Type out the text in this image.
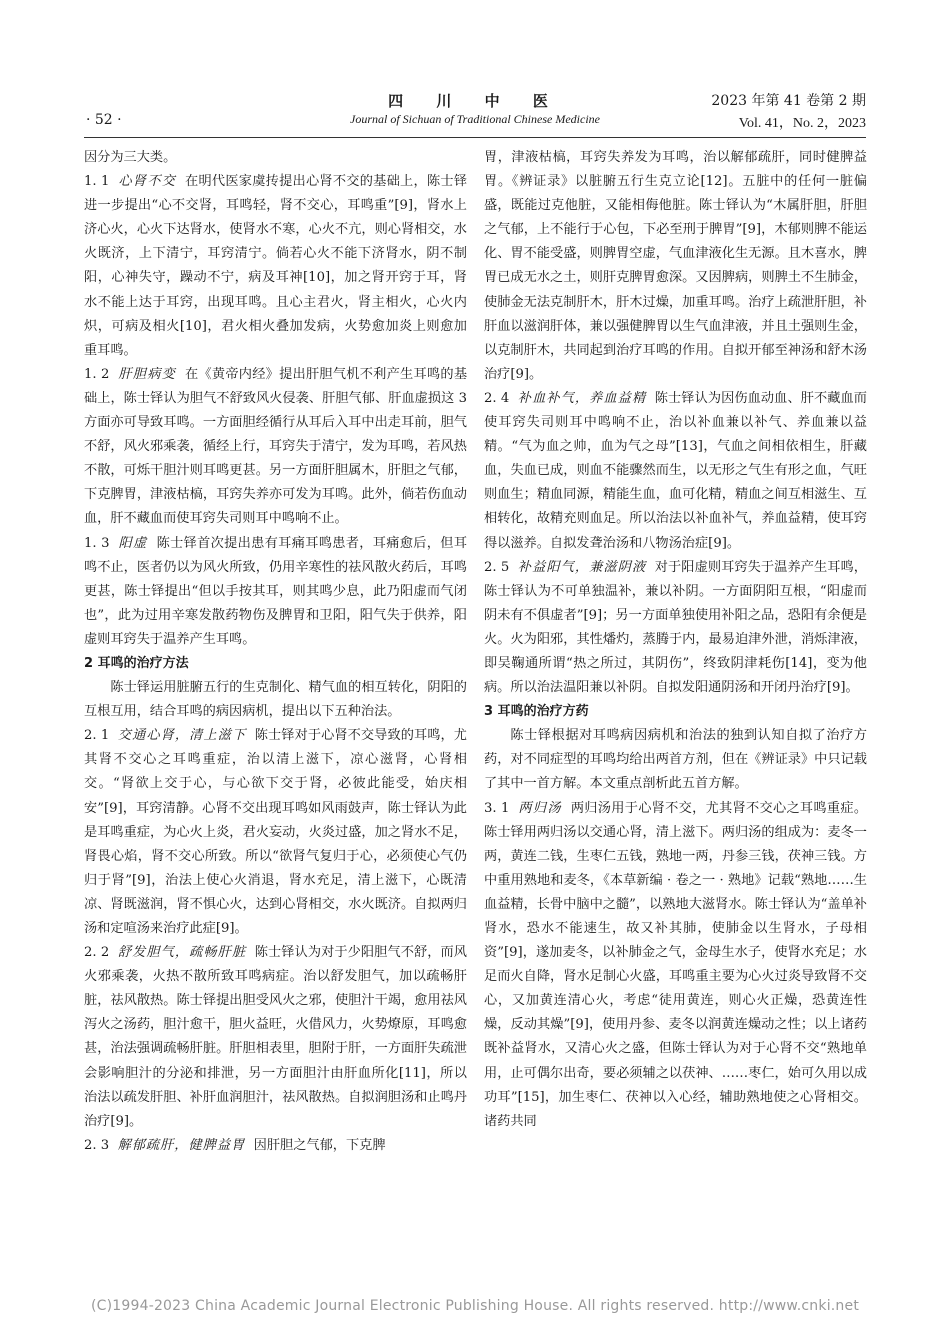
· 52 ·
四 川 中 医
Journal of Sichuan of Traditional Chinese Medicine
2023 年第 41 卷第 2 期
Vol. 41，No. 2，2023

因分为三大类。

1. 1 心肾不交 在明代医家虞抟提出心肾不交的基础上，陈士铎进一步提出“心不交肾，耳鸣轻，肾不交心，耳鸣重”[9]，肾水上济心火，心火下达肾水，使肾水不寒，心火不亢，则心肾相交，水火既济，上下清宁，耳窍清宁。倘若心火不能下济肾水，阴不制阳，心神失守，躁动不宁，病及耳神[10]，加之肾开窍于耳，肾水不能上达于耳窍，出现耳鸣。且心主君火，肾主相火，心火内炽，可病及相火[10]，君火相火叠加发病，火势愈加炎上则愈加重耳鸣。

1. 2 肝胆病变 在《黄帝内经》提出肝胆气机不利产生耳鸣的基础上，陈士铎认为胆气不舒致风火侵袭、肝胆气郁、肝血虚损这 3 方面亦可导致耳鸣。一方面胆经循行从耳后入耳中出走耳前，胆气不舒，风火邪乘袭，循经上行，耳窍失于清宁，发为耳鸣，若风热不散，可烁干胆汁则耳鸣更甚。另一方面肝胆属木，肝胆之气郁，下克脾胃，津液枯槁，耳窍失养亦可发为耳鸣。此外，倘若伤血动血，肝不藏血而使耳窍失司则耳中鸣响不止。

1. 3 阳虚 陈士铎首次提出患有耳痛耳鸣患者，耳痛愈后，但耳鸣不止，医者仍以为风火所致，仍用辛寒性的祛风散火药后，耳鸣更甚，陈士铎提出“但以手按其耳，则其鸣少息，此乃阳虚而气闭也”，此为过用辛寒发散药物伤及脾胃和卫阳，阳气失于供养，阳虚则耳窍失于温养产生耳鸣。

2 耳鸣的治疗方法

陈士铎运用脏腑五行的生克制化、精气血的相互转化，阴阳的互根互用，结合耳鸣的病因病机，提出以下五种治法。

2. 1 交通心肾，清上滋下 陈士铎对于心肾不交导致的耳鸣，尤其肾不交心之耳鸣重症，治以清上滋下，凉心滋肾，心肾相交。“肾欲上交于心，与心欲下交于肾，必彼此能受，始庆相安”[9]，耳窍清静。心肾不交出现耳鸣如风雨鼓声，陈士铎认为此是耳鸣重症，为心火上炎，君火妄动，火炎过盛，加之肾水不足，肾畏心焰，肾不交心所致。所以“欲肾气复归于心，必须使心气仍归于肾”[9]，治法上使心火消退，肾水充足，清上滋下，心既清凉、肾既滋润，肾不惧心火，达到心肾相交，水火既济。自拟两归汤和定喧汤来治疗此症[9]。

2. 2 舒发胆气，疏畅肝脏 陈士铎认为对于少阳胆气不舒，而风火邪乘袭，火热不散所致耳鸣病症。治以舒发胆气，加以疏畅肝脏，祛风散热。陈士铎提出胆受风火之邪，使胆汁干竭，愈用祛风泻火之汤药，胆汁愈干，胆火益旺，火借风力，火势燎原，耳鸣愈甚，治法强调疏畅肝脏。肝胆相表里，胆附于肝，一方面肝失疏泄会影响胆汁的分泌和排泄，另一方面胆汁由肝血所化[11]，所以治法以疏发肝胆、补肝血润胆汁，祛风散热。自拟润胆汤和止鸣丹治疗[9]。

2. 3 解郁疏肝，健脾益胃 因肝胆之气郁，下克脾

胃，津液枯槁，耳窍失养发为耳鸣，治以解郁疏肝，同时健脾益胃。《辨证录》以脏腑五行生克立论[12]。五脏中的任何一脏偏盛，既能过克他脏，又能相侮他脏。陈士铎认为“木属肝胆，肝胆之气郁，上不能行于心包，下必至刑于脾胃”[9]，木郁则脾不能运化、胃不能受盛，则脾胃空虚，气血津液化生无源。且木喜水，脾胃已成无水之土，则肝克脾胃愈深。又因脾病，则脾土不生肺金，使肺金无法克制肝木，肝木过燥，加重耳鸣。治疗上疏泄肝胆，补肝血以滋润肝体，兼以强健脾胃以生气血津液，并且土强则生金，以克制肝木，共同起到治疗耳鸣的作用。自拟开郁至神汤和舒木汤治疗[9]。

2. 4 补血补气，养血益精 陈士铎认为因伤血动血、肝不藏血而使耳窍失司则耳中鸣响不止，治以补血兼以补气、养血兼以益精。“气为血之帅，血为气之母”[13]，气血之间相依相生，肝藏血，失血已成，则血不能骤然而生，以无形之气生有形之血，气旺则血生；精血同源，精能生血，血可化精，精血之间互相滋生、互相转化，故精充则血足。所以治法以补血补气，养血益精，使耳窍得以滋养。自拟发聋治汤和八物汤治症[9]。

2. 5 补益阳气，兼滋阴液 对于阳虚则耳窍失于温养产生耳鸣，陈士铎认为不可单独温补，兼以补阴。一方面阴阳互根，“阳虚而阴未有不俱虚者”[9]；另一方面单独使用补阳之品，恐阳有余便是火。火为阳邪，其性燔灼，蒸腾于内，最易迫津外泄，消烁津液，即吴鞠通所谓“热之所过，其阴伤”，终致阴津耗伤[14]，变为他病。所以治法温阳兼以补阴。自拟发阳通阴汤和开闭丹治疗[9]。

3 耳鸣的治疗方药

陈士铎根据对耳鸣病因病机和治法的独到认知自拟了治疗方药，对不同症型的耳鸣均给出两首方剂，但在《辨证录》中只记载了其中一首方解。本文重点剖析此五首方解。

3. 1 两归汤 两归汤用于心肾不交，尤其肾不交心之耳鸣重症。陈士铎用两归汤以交通心肾，清上滋下。两归汤的组成为：麦冬一两，黄连二钱，生枣仁五钱，熟地一两，丹参三钱，茯神三钱。方中重用熟地和麦冬，《本草新编 · 卷之一 · 熟地》记载“熟地……生血益精，长骨中脑中之髓”，以熟地大滋肾水。陈士铎认为“盖单补肾水，恐水不能速生，故又补其肺，使肺金以生肾水，子母相资”[9]，遂加麦冬，以补肺金之气，金母生水子，使肾水充足；水足而火自降，肾水足制心火盛，耳鸣重主要为心火过炎导致肾不交心，又加黄连清心火，考虑“徒用黄连，则心火正燥，恐黄连性燥，反动其燥”[9]，使用丹参、麦冬以润黄连燥动之性；以上诸药既补益肾水，又清心火之盛，但陈士铎认为对于心肾不交“熟地单用，止可偶尔出奇，要必须辅之以茯神、……枣仁，始可久用以成功耳”[15]，加生枣仁、茯神以入心经，辅助熟地使之心肾相交。诸药共同

(C)1994-2023 China Academic Journal Electronic Publishing House. All rights reserved. http://www.cnki.net
